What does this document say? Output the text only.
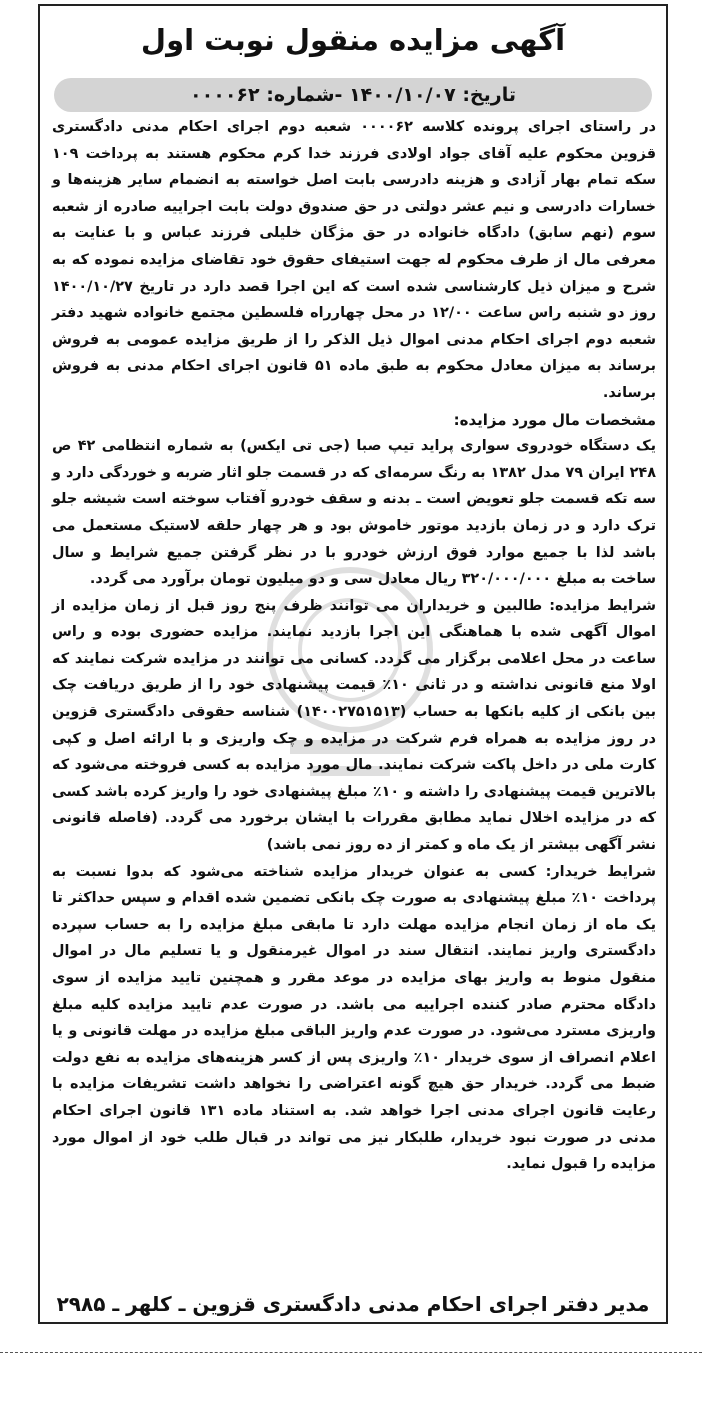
آگهی مزایده منقول نوبت اول
تاریخ: ۱۴۰۰/۱۰/۰۷ -شماره: ۰۰۰۰۶۲

در راستای اجرای پرونده کلاسه ۰۰۰۰۶۲ شعبه دوم اجرای احکام مدنی دادگستری قزوین محکوم علیه آقای جواد اولادی فرزند خدا کرم محکوم هستند به پرداخت ۱۰۹ سکه تمام بهار آزادی و هزینه دادرسی بابت اصل خواسته به انضمام سایر هزینه‌ها و خسارات دادرسی و نیم عشر دولتی در حق صندوق دولت بابت اجراییه صادره از شعبه سوم (نهم سابق) دادگاه خانواده در حق مژگان خلیلی فرزند عباس و با عنایت به معرفی مال از طرف محکوم له جهت استیفای حقوق خود تقاضای مزایده نموده که به شرح و میزان ذیل کارشناسی شده است که این اجرا قصد دارد در تاریخ ۱۴۰۰/۱۰/۲۷ روز دو شنبه راس ساعت ۱۲/۰۰ در محل چهارراه فلسطین مجتمع خانواده شهید دفتر شعبه دوم اجرای احکام مدنی اموال ذیل الذکر را از طریق مزایده عمومی به فروش برساند به میزان معادل محکوم به طبق ماده ۵۱ قانون اجرای احکام مدنی به فروش برساند.

مشخصات مال مورد مزایده:

یک دستگاه خودروی سواری پراید تیپ صبا (جی تی ایکس) به شماره انتظامی ۴۲ ص ۲۴۸ ایران ۷۹ مدل ۱۳۸۲ به رنگ سرمه‌ای که در قسمت جلو اثار ضربه و خوردگی دارد و سه تکه قسمت جلو تعویض است ـ بدنه و سقف خودرو آفتاب سوخته است شیشه جلو ترک دارد و در زمان بازدید موتور خاموش بود و هر چهار حلقه لاستیک مستعمل می باشد لذا با جمیع موارد فوق ارزش خودرو با در نظر گرفتن جمیع شرایط و سال ساخت به مبلغ ۳۲۰/۰۰۰/۰۰۰ ریال معادل سی و دو میلیون تومان برآورد می گردد.

شرایط مزایده: طالبین و خریداران می توانند ظرف پنج روز قبل از زمان مزایده از اموال آگهی شده با هماهنگی این اجرا بازدید نمایند. مزایده حضوری بوده و راس ساعت در محل اعلامی برگزار می گردد. کسانی می توانند در مزایده شرکت نمایند که اولا منع قانونی نداشته و در ثانی ۱۰٪ قیمت پیشنهادی خود را از طریق دریافت چک بین بانکی از کلیه بانکها به حساب (۱۴۰۰۲۷۵۱۵۱۳) شناسه حقوقی دادگستری قزوین در روز مزایده به همراه فرم شرکت در مزایده و چک واریزی و با ارائه اصل و کپی کارت ملی در داخل پاکت شرکت نمایند. مال مورد مزایده به کسی فروخته می‌شود که بالاترین قیمت پیشنهادی را داشته و ۱۰٪ مبلغ پیشنهادی خود را واریز کرده باشد کسی که در مزایده اخلال نماید مطابق مقررات با ایشان برخورد می گردد. (فاصله قانونی نشر آگهی بیشتر از یک ماه و کمتر از ده روز نمی باشد)

شرایط خریدار: کسی به عنوان خریدار مزایده شناخته می‌شود که بدوا نسبت به پرداخت ۱۰٪ مبلغ پیشنهادی به صورت چک بانکی تضمین شده اقدام و سپس حداکثر تا یک ماه از زمان انجام مزایده مهلت دارد تا مابقی مبلغ مزایده را به حساب سپرده دادگستری واریز نمایند. انتقال سند در اموال غیرمنقول و یا تسلیم مال در اموال منقول منوط به واریز بهای مزایده در موعد مقرر و همچنین تایید مزایده از سوی دادگاه محترم صادر کننده اجراییه می باشد. در صورت عدم تایید مزایده کلیه مبلغ واریزی مسترد می‌شود. در صورت عدم واریز الباقی مبلغ مزایده در مهلت قانونی و یا اعلام انصراف از سوی خریدار ۱۰٪ واریزی پس از کسر هزینه‌های مزایده به نفع دولت ضبط می گردد. خریدار حق هیچ گونه اعتراضی را نخواهد داشت تشریفات مزایده با رعایت قانون اجرای مدنی اجرا خواهد شد. به استناد ماده ۱۳۱ قانون اجرای احکام مدنی در صورت نبود خریدار، طلبکار نیز می تواند در قبال طلب خود از اموال مورد مزایده را قبول نماید.

مدیر دفتر اجرای احکام مدنی دادگستری قزوین ـ کلهر ـ ۲۹۸۵
